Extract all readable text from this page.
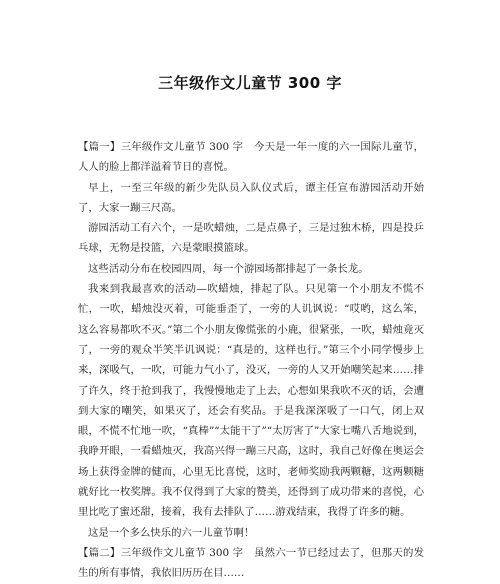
三年级作文儿童节 300 字

【篇一】三年级作文儿童节 300 字　今天是一年一度的六一国际儿童节，人人的脸上都洋溢着节日的喜悦。

早上，一至三年级的新少先队员入队仪式后，谭主任宣布游园活动开始了，大家一蹦三尺高。

游园活动工有六个，一是吹蜡烛，二是点鼻子，三是过独木桥，四是投乒乓球，无物是投篮，六是蒙眼摸篮球。

这些活动分布在校园四周，每一个游园场都排起了一条长龙。

我来到我最喜欢的活动—吹蜡烛，排起了队。只见第一个小朋友不慌不忙，一吹，蜡烛没灭着，可能垂歪了，一旁的人讥讽说：“哎哟，这么笨，这么容易都吹不灭。”第二个小朋友像慌张的小鹿，很紧张，一吹，蜡烛竟灭了，一旁的观众半笑半讥讽说：“真是的，这样也行。”第三个小同学慢步上来，深吸气，一吹，可能力气小了，没灭，一旁的人又开始嘲笑起来……排了许久，终于抢到我了，我慢慢地走了上去，心想如果我吹不灭的话，会遭到大家的嘲笑，如果灭了，还会有奖品。于是我深深吸了一口气，闭上双眼，不慌不忙地一吹，“真棒”“太能干了”“太厉害了”大家七嘴八舌地说到，我睁开眼，一看蜡烛灭，我高兴得一蹦三尺高，这时，我自己好像在奥运会场上获得金牌的健而，心里无比喜悦，这时，老师奖励我两颗糖，这两颗糖就好比一枚奖牌。我不仅得到了大家的赞美，还得到了成功带来的喜悦，心里比吃了蜜还甜，接着，我有去排队了……游戏结束，我得了许多的糖。

这是一个多么快乐的六一儿童节啊！

【篇二】三年级作文儿童节 300 字　虽然六一节已经过去了，但那天的发生的所有事情，我依旧历历在目……
